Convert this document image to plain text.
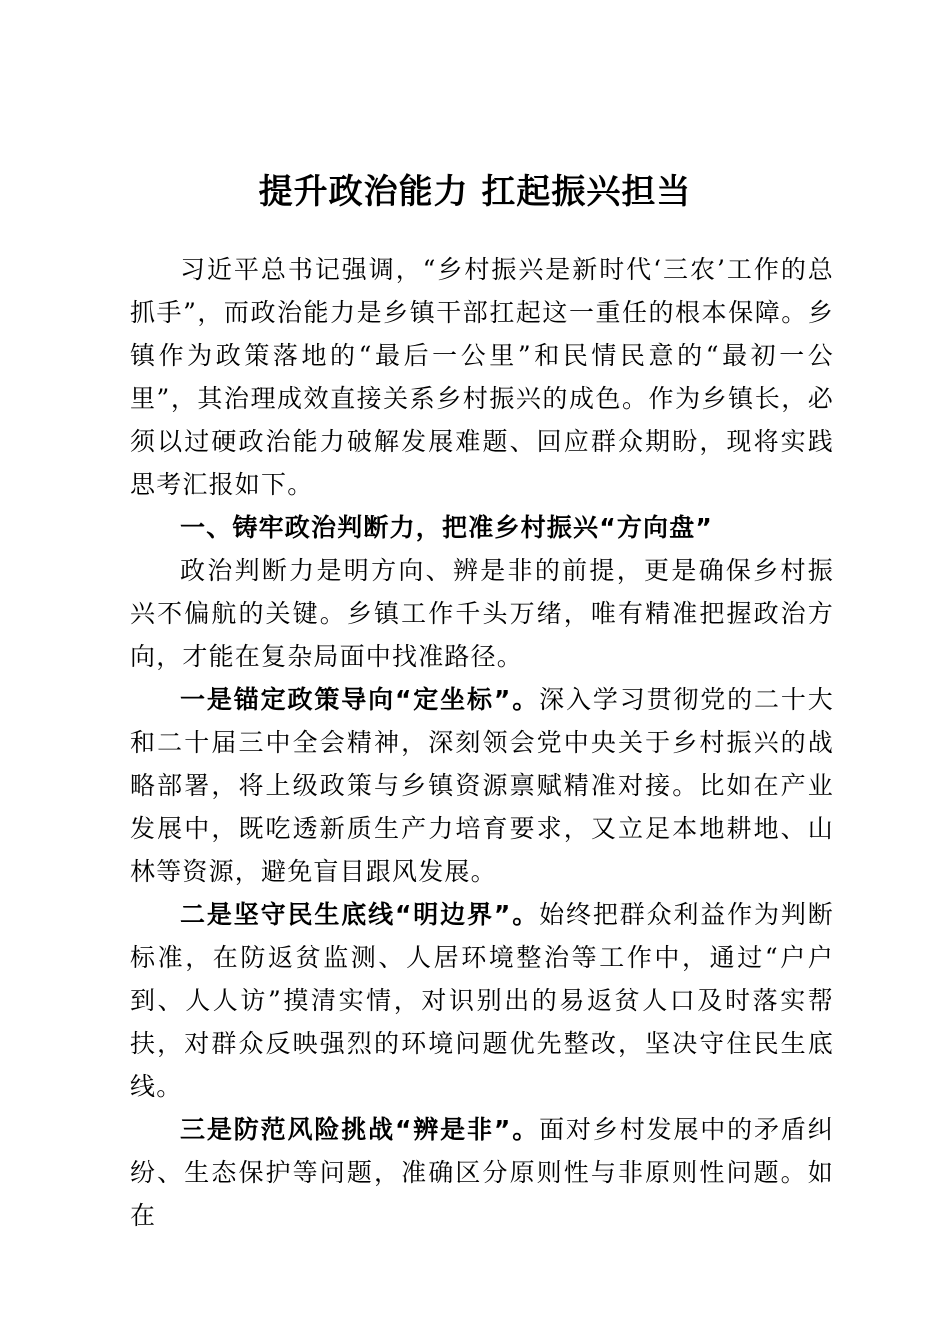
提升政治能力 扛起振兴担当

习近平总书记强调，“乡村振兴是新时代‘三农’工作的总抓手”，而政治能力是乡镇干部扛起这一重任的根本保障。乡镇作为政策落地的“最后一公里”和民情民意的“最初一公里”，其治理成效直接关系乡村振兴的成色。作为乡镇长，必须以过硬政治能力破解发展难题、回应群众期盼，现将实践思考汇报如下。

一、铸牢政治判断力，把准乡村振兴“方向盘”

政治判断力是明方向、辨是非的前提，更是确保乡村振兴不偏航的关键。乡镇工作千头万绪，唯有精准把握政治方向，才能在复杂局面中找准路径。

一是锚定政策导向“定坐标”。深入学习贯彻党的二十大和二十届三中全会精神，深刻领会党中央关于乡村振兴的战略部署，将上级政策与乡镇资源禀赋精准对接。比如在产业发展中，既吃透新质生产力培育要求，又立足本地耕地、山林等资源，避免盲目跟风发展。

二是坚守民生底线“明边界”。始终把群众利益作为判断标准，在防返贫监测、人居环境整治等工作中，通过“户户到、人人访”摸清实情，对识别出的易返贫人口及时落实帮扶，对群众反映强烈的环境问题优先整改，坚决守住民生底线。

三是防范风险挑战“辨是非”。面对乡村发展中的矛盾纠纷、生态保护等问题，准确区分原则性与非原则性问题。如在
